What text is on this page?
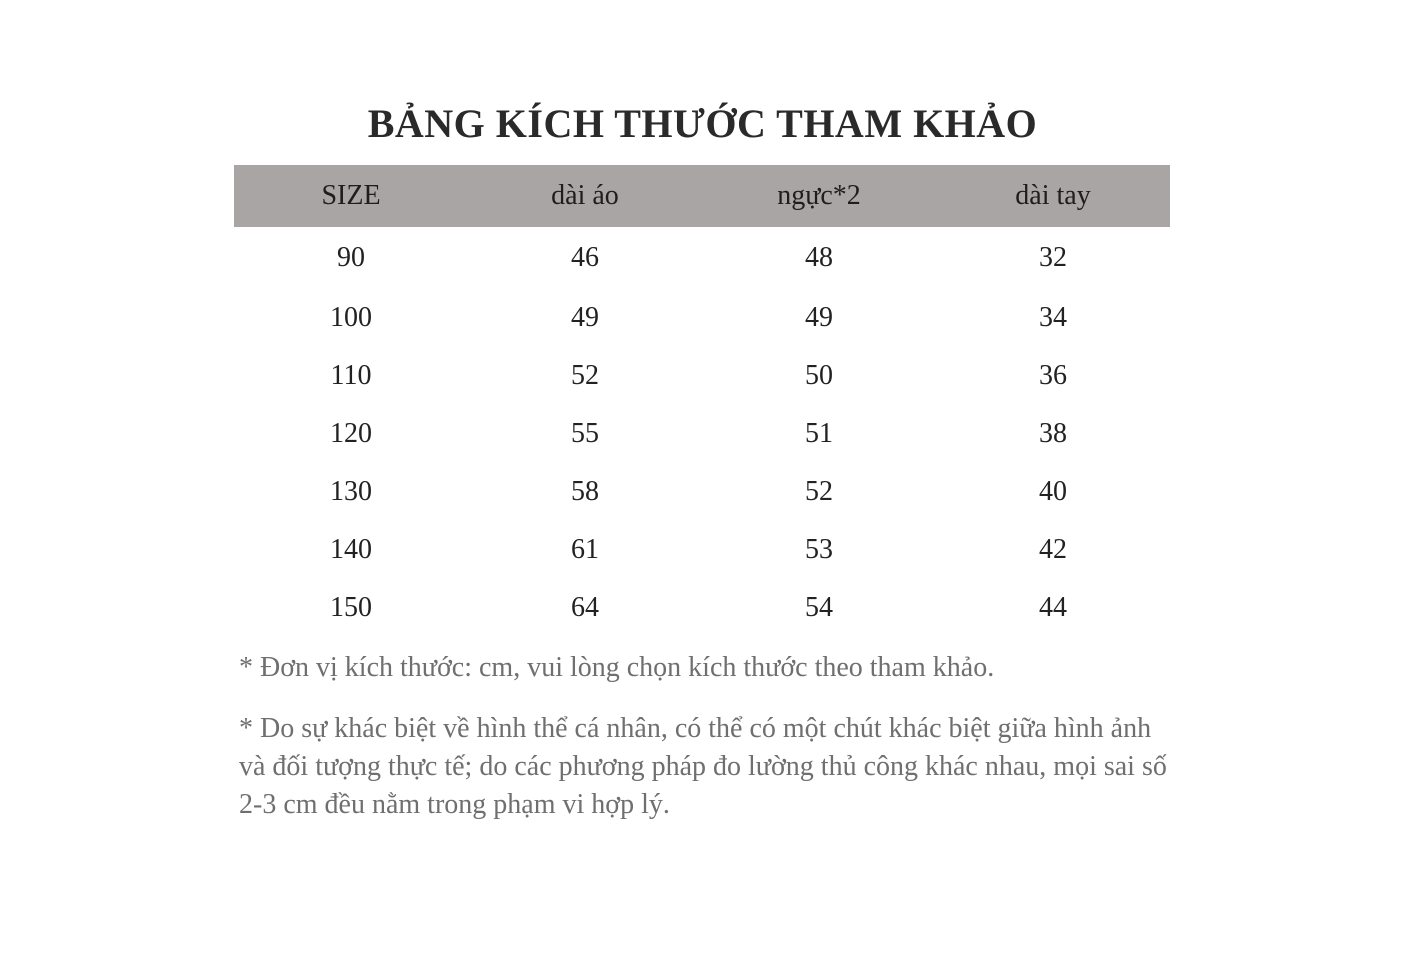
BẢNG KÍCH THƯỚC THAM KHẢO
SIZE	dài áo	ngực*2	dài tay
90	46	48	32
100	49	49	34
110	52	50	36
120	55	51	38
130	58	52	40
140	61	53	42
150	64	54	44

* Đơn vị kích thước: cm, vui lòng chọn kích thước theo tham khảo.

* Do sự khác biệt về hình thể cá nhân, có thể có một chút khác biệt giữa hình ảnh và đối tượng thực tế; do các phương pháp đo lường thủ công khác nhau, mọi sai số 2-3 cm đều nằm trong phạm vi hợp lý.
